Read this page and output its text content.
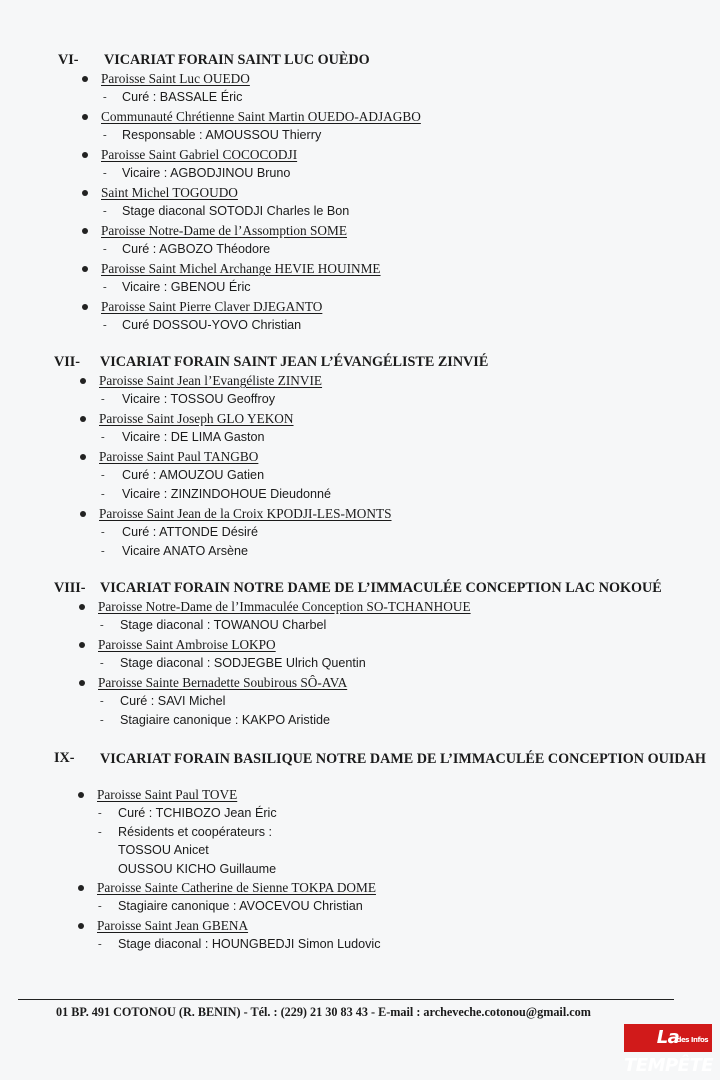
VI- VICARIAT FORAIN SAINT LUC OUÈDO
Paroisse Saint Luc OUEDO
- Curé : BASSALE Éric
Communauté Chrétienne Saint Martin OUEDO-ADJAGBO
- Responsable : AMOUSSOU Thierry
Paroisse Saint Gabriel COCOCODJI
- Vicaire : AGBODJINOU Bruno
Saint Michel TOGOUDO
- Stage diaconal SOTODJI Charles le Bon
Paroisse Notre-Dame de l’Assomption SOME
- Curé : AGBOZO Théodore
Paroisse Saint Michel Archange HEVIE HOUINME
- Vicaire : GBENOU Éric
Paroisse Saint Pierre Claver DJEGANTO
- Curé DOSSOU-YOVO Christian
VII- VICARIAT FORAIN SAINT JEAN L’ÉVANGÉLISTE ZINVIÉ
Paroisse Saint Jean l’Evangéliste ZINVIE
- Vicaire : TOSSOU Geoffroy
Paroisse Saint Joseph GLO YEKON
- Vicaire : DE LIMA Gaston
Paroisse Saint Paul TANGBO
- Curé : AMOUZOU Gatien
- Vicaire : ZINZINDOHOUE Dieudonné
Paroisse Saint Jean de la Croix KPODJI-LES-MONTS
- Curé : ATTONDE Désiré
- Vicaire ANATO Arsène
VIII- VICARIAT FORAIN NOTRE DAME DE L’IMMACULÉE CONCEPTION LAC NOKOUÉ
Paroisse Notre-Dame de l’Immaculée Conception SO-TCHANHOUE
- Stage diaconal : TOWANOU Charbel
Paroisse Saint Ambroise LOKPO
- Stage diaconal : SODJEGBE Ulrich Quentin
Paroisse Sainte Bernadette Soubirous SÔ-AVA
- Curé : SAVI Michel
- Stagiaire canonique : KAKPO Aristide
IX- VICARIAT FORAIN BASILIQUE NOTRE DAME DE L’IMMACULÉE CONCEPTION OUIDAH
Paroisse Saint Paul TOVE
- Curé : TCHIBOZO Jean Éric
- Résidents et coopérateurs :
TOSSOU Anicet
OUSSOU KICHO Guillaume
Paroisse Sainte Catherine de Sienne TOKPA DOME
- Stagiaire canonique : AVOCEVOU Christian
Paroisse Saint Jean GBENA
- Stage diaconal : HOUNGBEDJI Simon Ludovic
01 BP. 491 COTONOU (R. BENIN) - Tél. : (229) 21 30 83 43 - E-mail : archeveche.cotonou@gmail.com
La TEMPÊTE
des Infos
